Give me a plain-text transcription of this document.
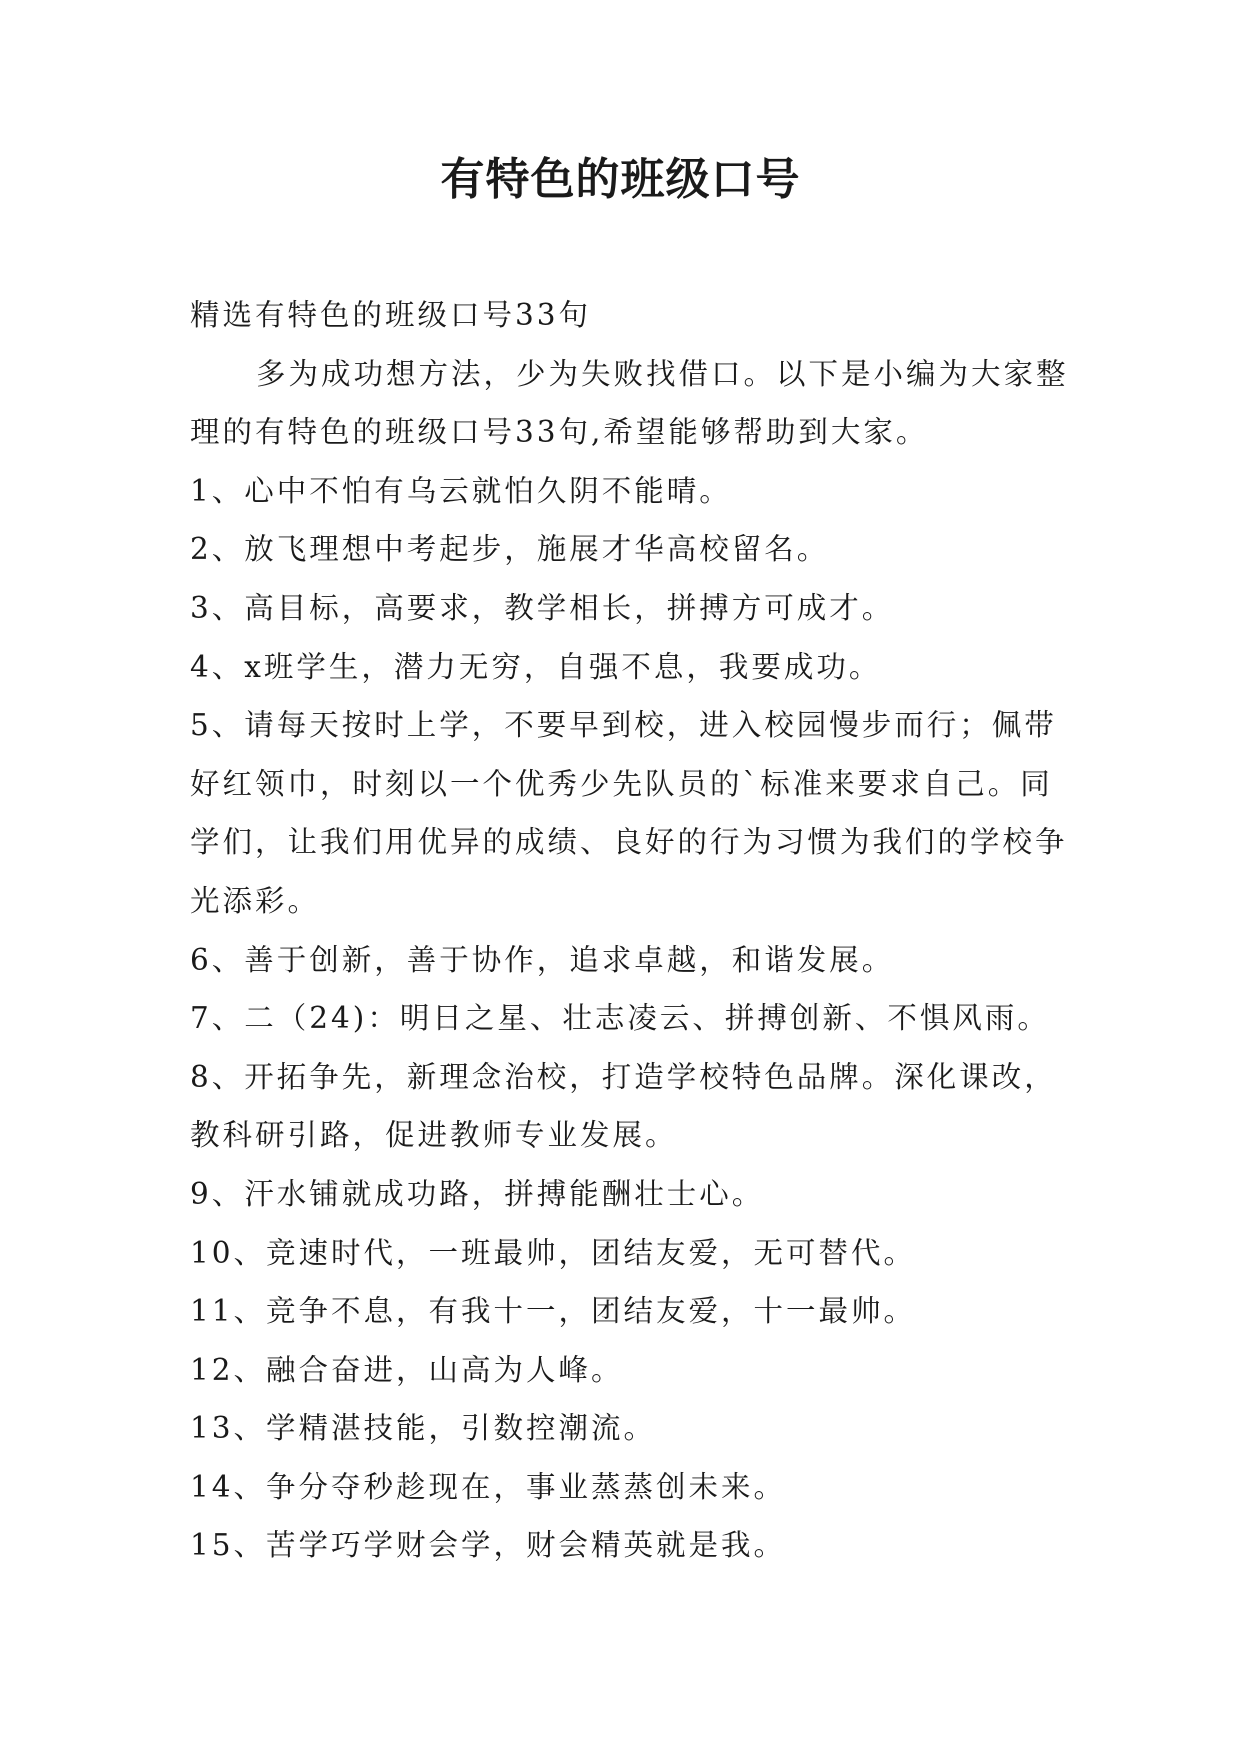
有特色的班级口号

精选有特色的班级口号33句

多为成功想方法，少为失败找借口。以下是小编为大家整理的有特色的班级口号33句,希望能够帮助到大家。

1、心中不怕有乌云就怕久阴不能晴。

2、放飞理想中考起步，施展才华高校留名。

3、高目标，高要求，教学相长，拼搏方可成才。

4、x班学生，潜力无穷，自强不息，我要成功。

5、请每天按时上学，不要早到校，进入校园慢步而行；佩带好红领巾，时刻以一个优秀少先队员的`标准来要求自己。同学们，让我们用优异的成绩、良好的行为习惯为我们的学校争光添彩。

6、善于创新，善于协作，追求卓越，和谐发展。

7、二（24)：明日之星、壮志凌云、拼搏创新、不惧风雨。

8、开拓争先，新理念治校，打造学校特色品牌。深化课改，教科研引路，促进教师专业发展。

9、汗水铺就成功路，拼搏能酬壮士心。

10、竞速时代，一班最帅，团结友爱，无可替代。

11、竞争不息，有我十一，团结友爱，十一最帅。

12、融合奋进，山高为人峰。

13、学精湛技能，引数控潮流。

14、争分夺秒趁现在，事业蒸蒸创未来。

15、苦学巧学财会学，财会精英就是我。
